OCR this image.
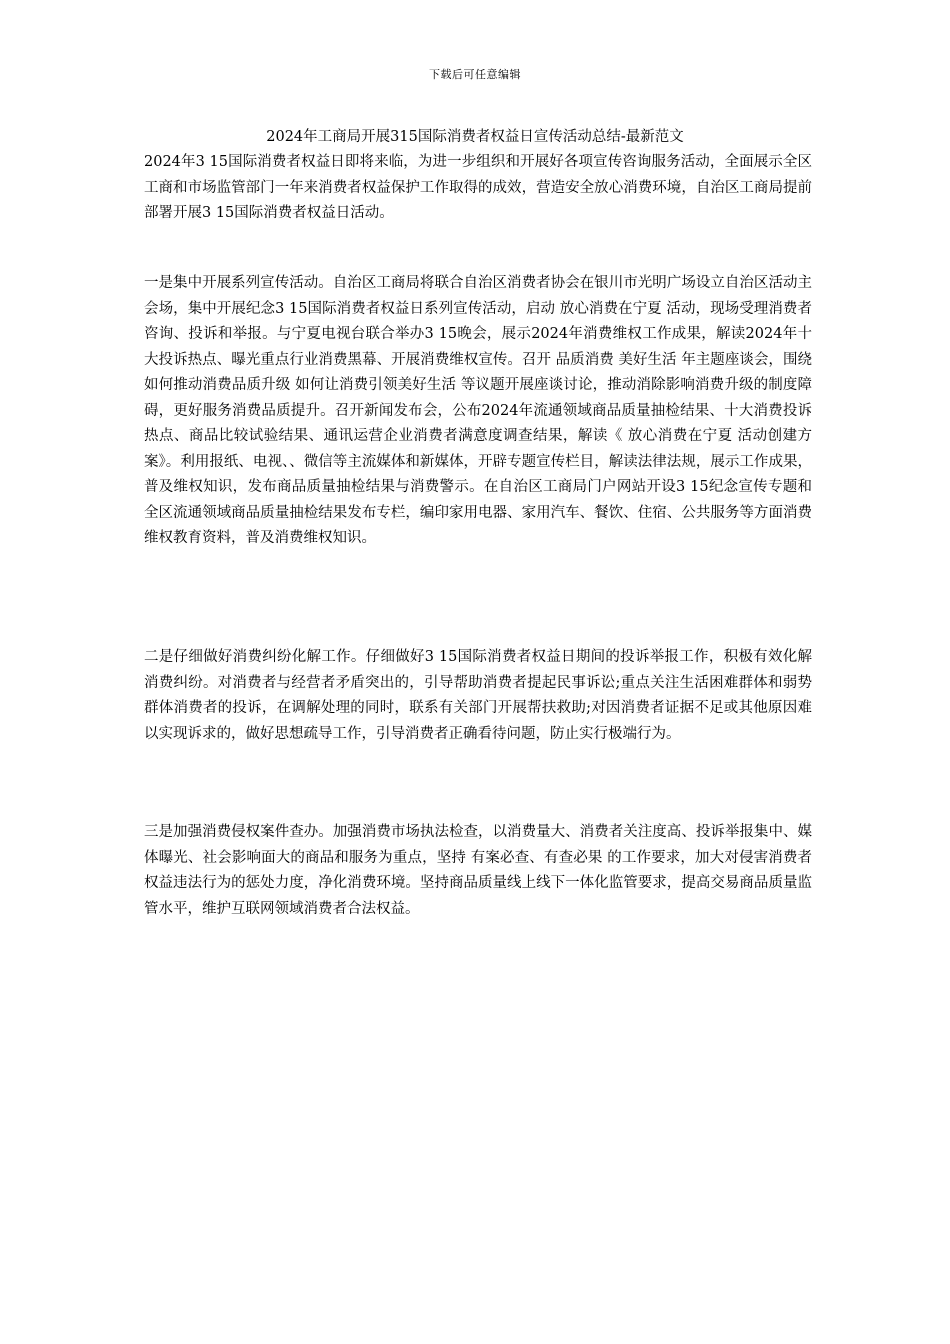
下载后可任意编辑
2024年工商局开展315国际消费者权益日宣传活动总结-最新范文

2024年3 15国际消费者权益日即将来临，为进一步组织和开展好各项宣传咨询服务活动，全面展示全区工商和市场监管部门一年来消费者权益保护工作取得的成效，营造安全放心消费环境，自治区工商局提前部署开展3 15国际消费者权益日活动。

一是集中开展系列宣传活动。自治区工商局将联合自治区消费者协会在银川市光明广场设立自治区活动主会场，集中开展纪念3 15国际消费者权益日系列宣传活动，启动 放心消费在宁夏 活动，现场受理消费者咨询、投诉和举报。与宁夏电视台联合举办3 15晚会，展示2024年消费维权工作成果，解读2024年十大投诉热点、曝光重点行业消费黑幕、开展消费维权宣传。召开 品质消费 美好生活 年主题座谈会，围绕 如何推动消费品质升级 如何让消费引领美好生活 等议题开展座谈讨论，推动消除影响消费升级的制度障碍，更好服务消费品质提升。召开新闻发布会，公布2024年流通领域商品质量抽检结果、十大消费投诉热点、商品比较试验结果、通讯运营企业消费者满意度调查结果，解读《 放心消费在宁夏 活动创建方案》。利用报纸、电视、、微信等主流媒体和新媒体，开辟专题宣传栏目，解读法律法规，展示工作成果，普及维权知识，发布商品质量抽检结果与消费警示。在自治区工商局门户网站开设3 15纪念宣传专题和全区流通领域商品质量抽检结果发布专栏，编印家用电器、家用汽车、餐饮、住宿、公共服务等方面消费维权教育资料，普及消费维权知识。

二是仔细做好消费纠纷化解工作。仔细做好3 15国际消费者权益日期间的投诉举报工作，积极有效化解消费纠纷。对消费者与经营者矛盾突出的，引导帮助消费者提起民事诉讼;重点关注生活困难群体和弱势群体消费者的投诉，在调解处理的同时，联系有关部门开展帮扶救助;对因消费者证据不足或其他原因难以实现诉求的，做好思想疏导工作，引导消费者正确看待问题，防止实行极端行为。

三是加强消费侵权案件查办。加强消费市场执法检查，以消费量大、消费者关注度高、投诉举报集中、媒体曝光、社会影响面大的商品和服务为重点，坚持 有案必查、有查必果 的工作要求，加大对侵害消费者权益违法行为的惩处力度，净化消费环境。坚持商品质量线上线下一体化监管要求，提高交易商品质量监管水平，维护互联网领域消费者合法权益。
